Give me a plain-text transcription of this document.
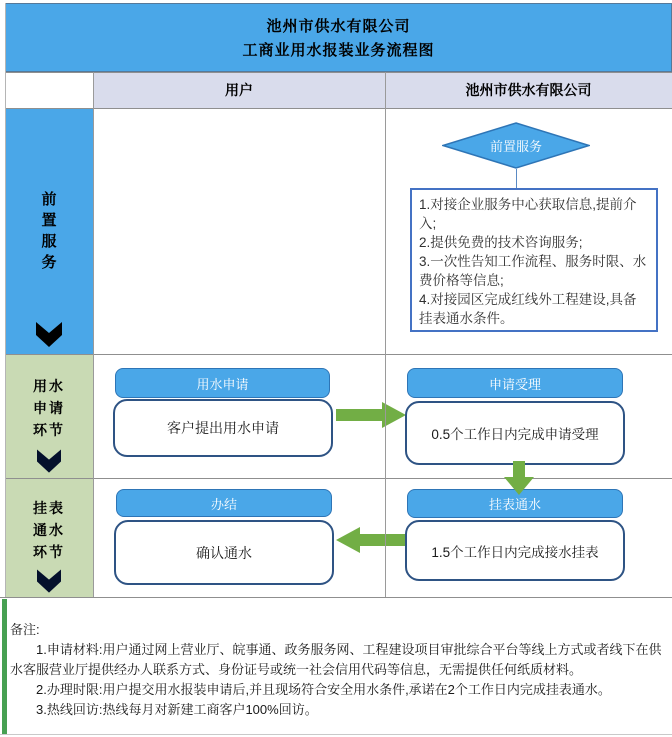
池州市供水有限公司
工商业用水报装业务流程图
用户	池州市供水有限公司
前
置
服
务
用水
申请
环节
挂表
通水
环节
前置服务
1.对接企业服务中心获取信息,提前介入;
2.提供免费的技术咨询服务;
3.一次性告知工作流程、服务时限、水费价格等信息;
4.对接园区完成红线外工程建设,具备挂表通水条件。
用水申请
客户提出用水申请
申请受理
0.5个工作日内完成申请受理
办结
确认通水
挂表通水
1.5个工作日内完成接水挂表
备注:
1.申请材料:用户通过网上营业厅、皖事通、政务服务网、工程建设项目审批综合平台等线上方式或者线下在供水客服营业厅提供经办人联系方式、身份证号或统一社会信用代码等信息，无需提供任何纸质材料。
2.办理时限:用户提交用水报装申请后,并且现场符合安全用水条件,承诺在2个工作日内完成挂表通水。
3.热线回访:热线每月对新建工商客户100%回访。
